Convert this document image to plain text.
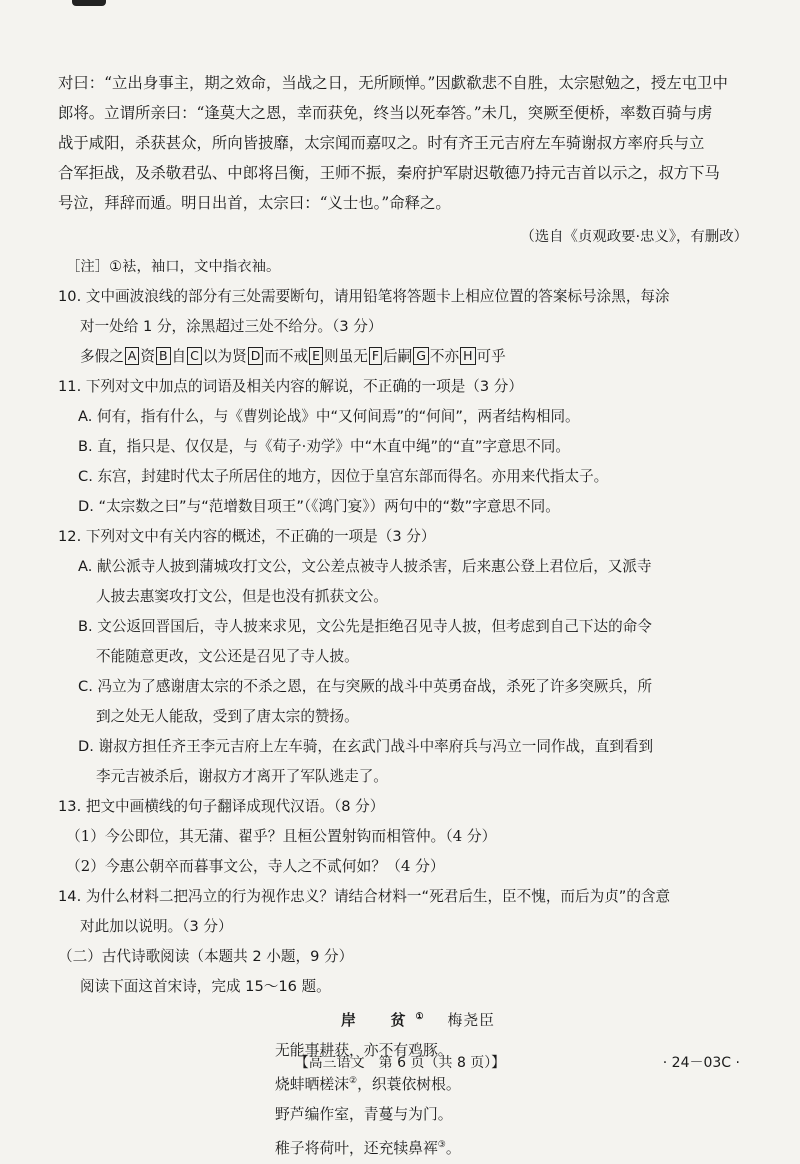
对曰：“立出身事主，期之效命，当战之日，无所顾惮。”因歔欷悲不自胜，太宗慰勉之，授左屯卫中
郎将。立谓所亲曰：“逢莫大之恩，幸而获免，终当以死奉答。”未几，突厥至便桥，率数百骑与虏
战于咸阳，杀获甚众，所向皆披靡，太宗闻而嘉叹之。时有齐王元吉府左车骑谢叔方率府兵与立
合军拒战，及杀敬君弘、中郎将吕衡，王师不振，秦府护军尉迟敬德乃持元吉首以示之，叔方下马
号泣，拜辞而遁。明日出首，太宗曰：“义士也。”命释之。
（选自《贞观政要·忠义》，有删改）
［注］①袪，袖口，文中指衣袖。
10. 文中画波浪线的部分有三处需要断句，请用铅笔将答题卡上相应位置的答案标号涂黑，每涂
对一处给 1 分，涂黑超过三处不给分。（3 分）
多假之 A 资 B 自 C 以为贤 D 而不戒 E 则虽无 F 后嗣 G 不亦 H 可乎
11. 下列对文中加点的词语及相关内容的解说，不正确的一项是（3 分）
A. 何有，指有什么，与《曹刿论战》中“又何间焉”的“何间”，两者结构相同。
B. 直，指只是、仅仅是，与《荀子·劝学》中“木直中绳”的“直”字意思不同。
C. 东宫，封建时代太子所居住的地方，因位于皇宫东部而得名。亦用来代指太子。
D. “太宗数之曰”与“范增数目项王”（《鸿门宴》）两句中的“数”字意思不同。
12. 下列对文中有关内容的概述，不正确的一项是（3 分）
A. 献公派寺人披到蒲城攻打文公，文公差点被寺人披杀害，后来惠公登上君位后，又派寺
人披去惠窦攻打文公，但是也没有抓获文公。
B. 文公返回晋国后，寺人披来求见，文公先是拒绝召见寺人披，但考虑到自己下达的命令
不能随意更改，文公还是召见了寺人披。
C. 冯立为了感谢唐太宗的不杀之恩，在与突厥的战斗中英勇奋战，杀死了许多突厥兵，所
到之处无人能敌，受到了唐太宗的赞扬。
D. 谢叔方担任齐王李元吉府上左车骑，在玄武门战斗中率府兵与冯立一同作战，直到看到
李元吉被杀后，谢叔方才离开了军队逃走了。
13. 把文中画横线的句子翻译成现代汉语。（8 分）
（1）今公即位，其无蒲、翟乎？且桓公置射钩而相管仲。（4 分）
（2）今惠公朝卒而暮事文公，寺人之不贰何如？（4 分）
14. 为什么材料二把冯立的行为视作忠义？请结合材料一“死君后生，臣不愧，而后为贞”的含意
对此加以说明。（3 分）
（二）古代诗歌阅读（本题共 2 小题，9 分）
阅读下面这首宋诗，完成 15～16 题。
岸　贫① 梅尧臣
无能事耕获，亦不有鸡豚。
烧蚌晒槎沫②，织蓑依树根。
野芦编作室，青蔓与为门。
稚子将荷叶，还充犊鼻裈③。
【高三语文　第 6 页（共 8 页）】	· 24－03C ·
